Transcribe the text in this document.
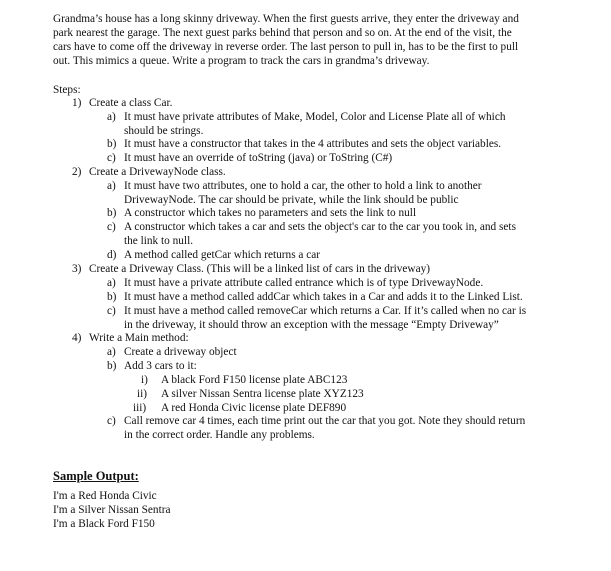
Grandma’s house has a long skinny driveway. When the first guests arrive, they enter the driveway and
park nearest the garage. The next guest parks behind that person and so on. At the end of the visit, the
cars have to come off the driveway in reverse order. The last person to pull in, has to be the first to pull
out. This mimics a queue. Write a program to track the cars in grandma’s driveway.
Steps:
1) Create a class Car.
a) It must have private attributes of Make, Model, Color and License Plate all of which
should be strings.
b) It must have a constructor that takes in the 4 attributes and sets the object variables.
c) It must have an override of toString (java) or ToString (C#)
2) Create a DrivewayNode class.
a) It must have two attributes, one to hold a car, the other to hold a link to another
DrivewayNode. The car should be private, while the link should be public
b) A constructor which takes no parameters and sets the link to null
c) A constructor which takes a car and sets the object's car to the car you took in, and sets
the link to null.
d) A method called getCar which returns a car
3) Create a Driveway Class. (This will be a linked list of cars in the driveway)
a) It must have a private attribute called entrance which is of type DrivewayNode.
b) It must have a method called addCar which takes in a Car and adds it to the Linked List.
c) It must have a method called removeCar which returns a Car. If it’s called when no car is
in the driveway, it should throw an exception with the message “Empty Driveway”
4) Write a Main method:
a) Create a driveway object
b) Add 3 cars to it:
i) A black Ford F150 license plate ABC123
ii) A silver Nissan Sentra license plate XYZ123
iii) A red Honda Civic license plate DEF890
c) Call remove car 4 times, each time print out the car that you got. Note they should return
in the correct order. Handle any problems.
Sample Output:
I'm a Red Honda Civic
I'm a Silver Nissan Sentra
I'm a Black Ford F150
